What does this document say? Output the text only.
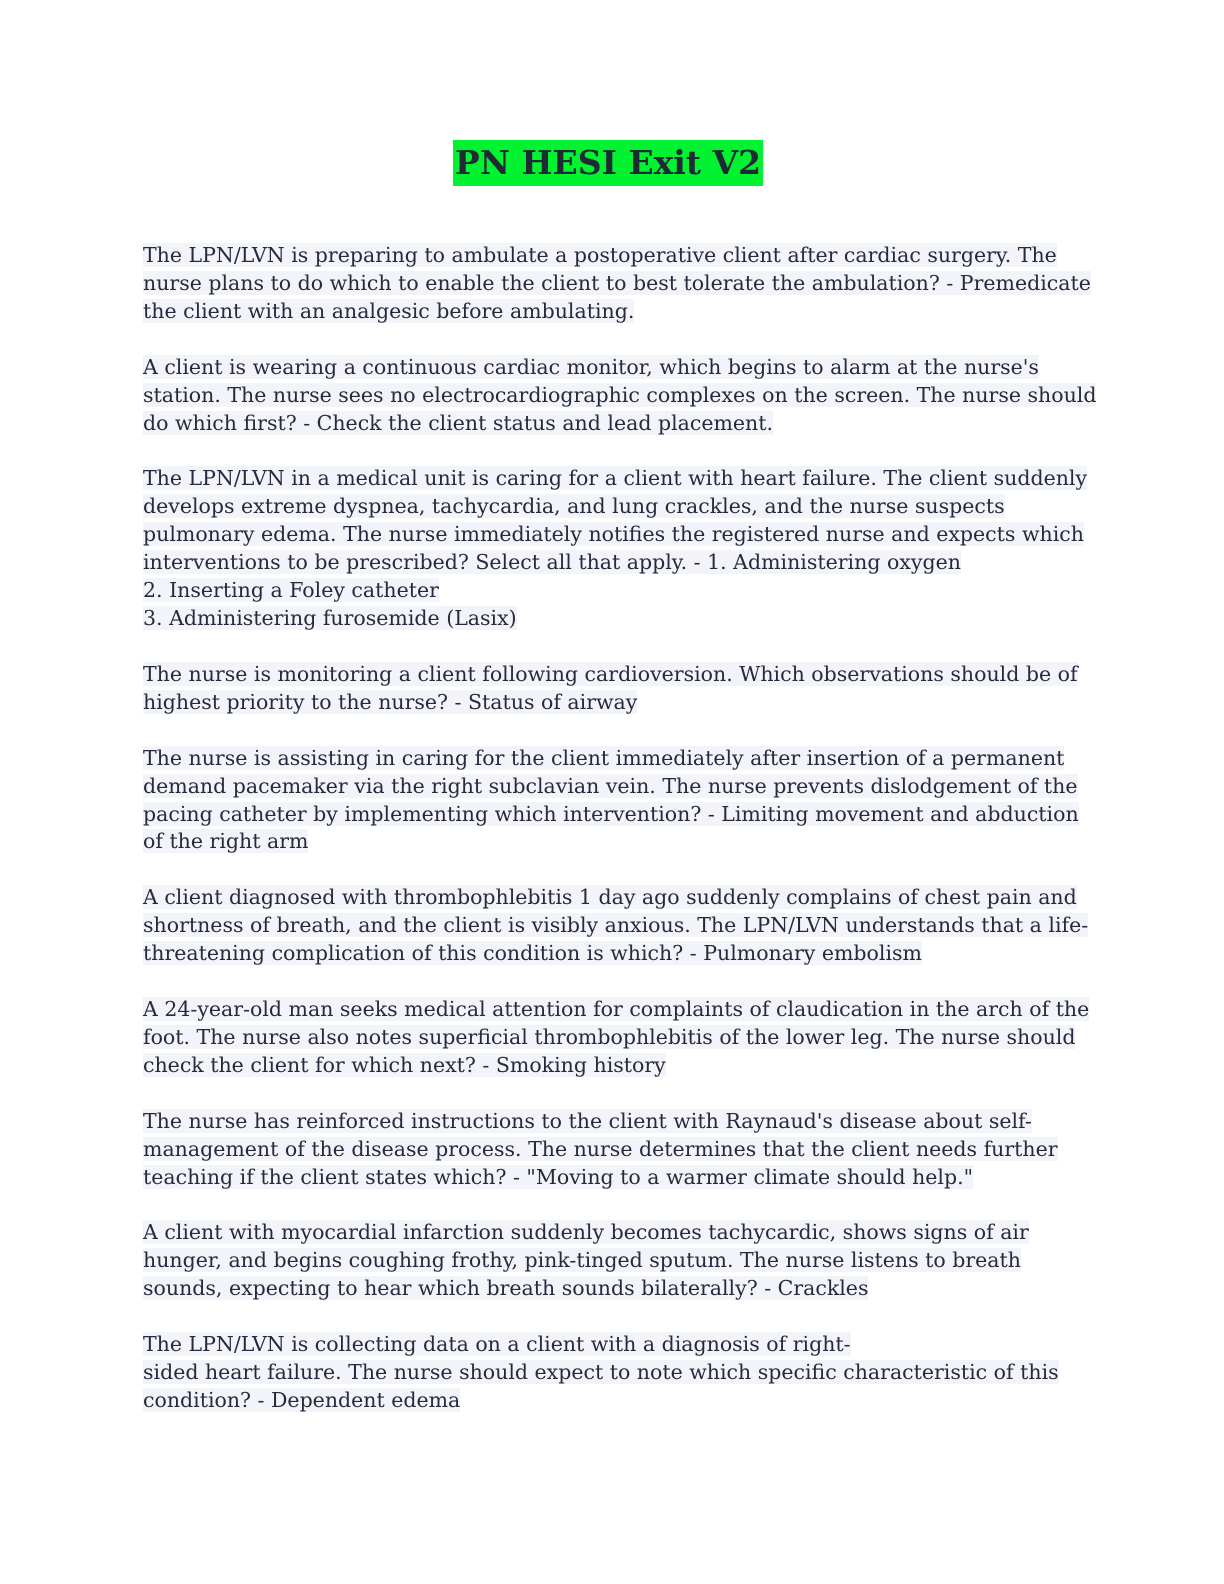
PN HESI Exit V2
The LPN/LVN is preparing to ambulate a postoperative client after cardiac surgery. The
nurse plans to do which to enable the client to best tolerate the ambulation? - Premedicate
the client with an analgesic before ambulating.
A client is wearing a continuous cardiac monitor, which begins to alarm at the nurse's
station. The nurse sees no electrocardiographic complexes on the screen. The nurse should
do which first? - Check the client status and lead placement.
The LPN/LVN in a medical unit is caring for a client with heart failure. The client suddenly
develops extreme dyspnea, tachycardia, and lung crackles, and the nurse suspects
pulmonary edema. The nurse immediately notifies the registered nurse and expects which
interventions to be prescribed? Select all that apply. - 1. Administering oxygen
2. Inserting a Foley catheter
3. Administering furosemide (Lasix)
The nurse is monitoring a client following cardioversion. Which observations should be of
highest priority to the nurse? - Status of airway
The nurse is assisting in caring for the client immediately after insertion of a permanent
demand pacemaker via the right subclavian vein. The nurse prevents dislodgement of the
pacing catheter by implementing which intervention? - Limiting movement and abduction
of the right arm
A client diagnosed with thrombophlebitis 1 day ago suddenly complains of chest pain and
shortness of breath, and the client is visibly anxious. The LPN/LVN understands that a life-
threatening complication of this condition is which? - Pulmonary embolism
A 24-year-old man seeks medical attention for complaints of claudication in the arch of the
foot. The nurse also notes superficial thrombophlebitis of the lower leg. The nurse should
check the client for which next? - Smoking history
The nurse has reinforced instructions to the client with Raynaud's disease about self-
management of the disease process. The nurse determines that the client needs further
teaching if the client states which? - "Moving to a warmer climate should help."
A client with myocardial infarction suddenly becomes tachycardic, shows signs of air
hunger, and begins coughing frothy, pink-tinged sputum. The nurse listens to breath
sounds, expecting to hear which breath sounds bilaterally? - Crackles
The LPN/LVN is collecting data on a client with a diagnosis of right-
sided heart failure. The nurse should expect to note which specific characteristic of this
condition? - Dependent edema
